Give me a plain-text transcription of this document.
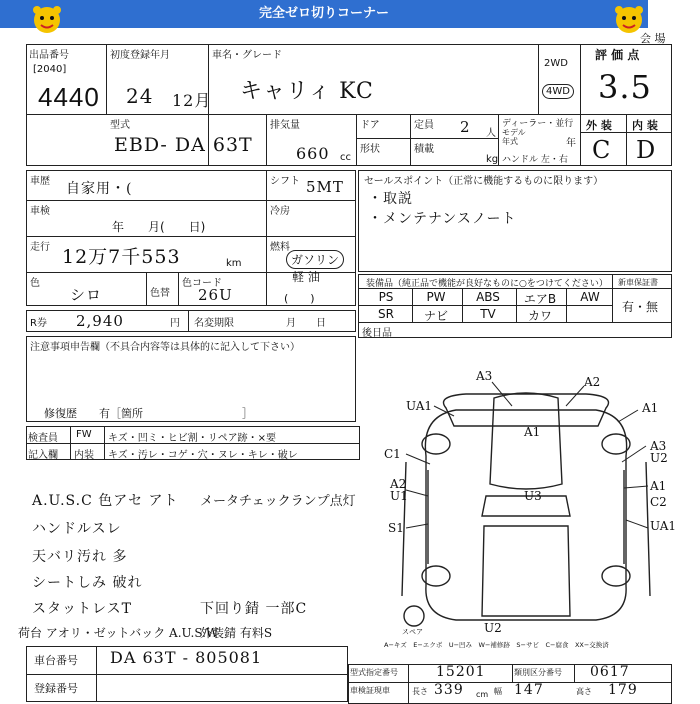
完全ゼロ切りコーナー
会 場
出品番号
[2040]
4440
初度登録年月
24 12月
車名・グレード
キャリィ KC
2WD
4WD
評 価 点
3.5
外 装 内 装
C D
型式
EBD- DA 63T
排気量
660 cc
ドア	定員 2 人
形状	積載
kg
ディーラー・並行
モデル年式	年
ハンドル 左・右
車歴 自家用・(	シフト 5MT
車検
年　　月(　　日)
冷房
走行 12万7千553	km
燃料
ガソリン
軽 油
(　　)
色
シロ	色替
色コード
26U
セールスポイント（正常に機能するものに限ります）
・取説
・メンテナンスノート
装備品（純正品で機能が良好なものに○をつけてください）
PS	PW	ABS	エアB	AW
SR	ナビ	TV	カワ
新車保証書
有・無
後日品
R券 2,940	円 名変期限	月　　日
注意事項申告欄（不具合内容等は具体的に記入して下さい）
修復歴　　有［箇所　　　　　　　　　］
検査員
記入欄
FW キズ・凹ミ・ヒビ割・リペア跡・×要
内装 キズ・汚レ・コゲ・穴・ヌレ・キレ・破レ
A.U.S.C 色アセ アト
ハンドルスレ
天バリ汚れ 多
シートしみ 破れ
スタットレスT
荷台 アオリ・ゼットバック A.U.S.W
外装錆 有料S
メータチェックランプ点灯
下回り錆 一部C
A3	A2
UA1
A1
A1
C1
A3
U2
A2
U1	U3
A1
C2
S1	UA1
U2
スペア
A−キズ　E−エクボ　U−凹み　W−補修跡　S−サビ　C−腐食　XX−交換済
車台番号 DA 63T - 805081
登録番号
型式指定番号	15201	類別区分番号 0617
車検証現車	長さ 339 cm 幅 147	高さ 179
